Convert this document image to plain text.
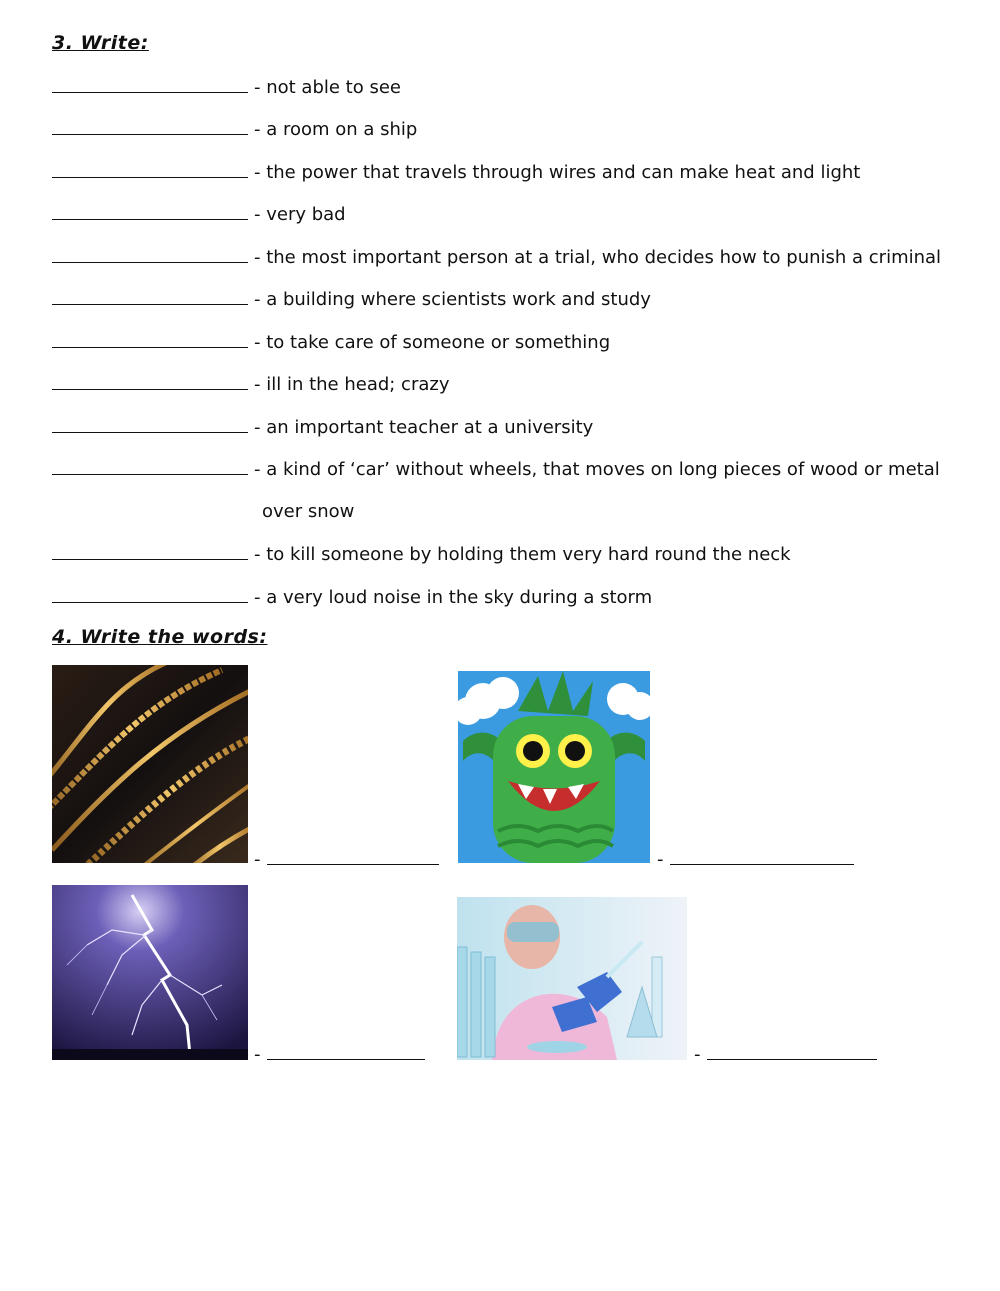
3. Write:
- not able to see
- a room on a ship
- the power that travels through wires and can make heat and light
- very bad
- the most important person at a trial, who decides how to punish a criminal
- a building where scientists work and study
- to take care of someone or something
- ill in the head; crazy
- an important teacher at a university
- a kind of ‘car’ without wheels, that moves on long pieces of wood or metal
over snow
- to kill someone by holding them very hard round the neck
- a very loud noise in the sky during a storm
4. Write the words:
-	-
-	-
